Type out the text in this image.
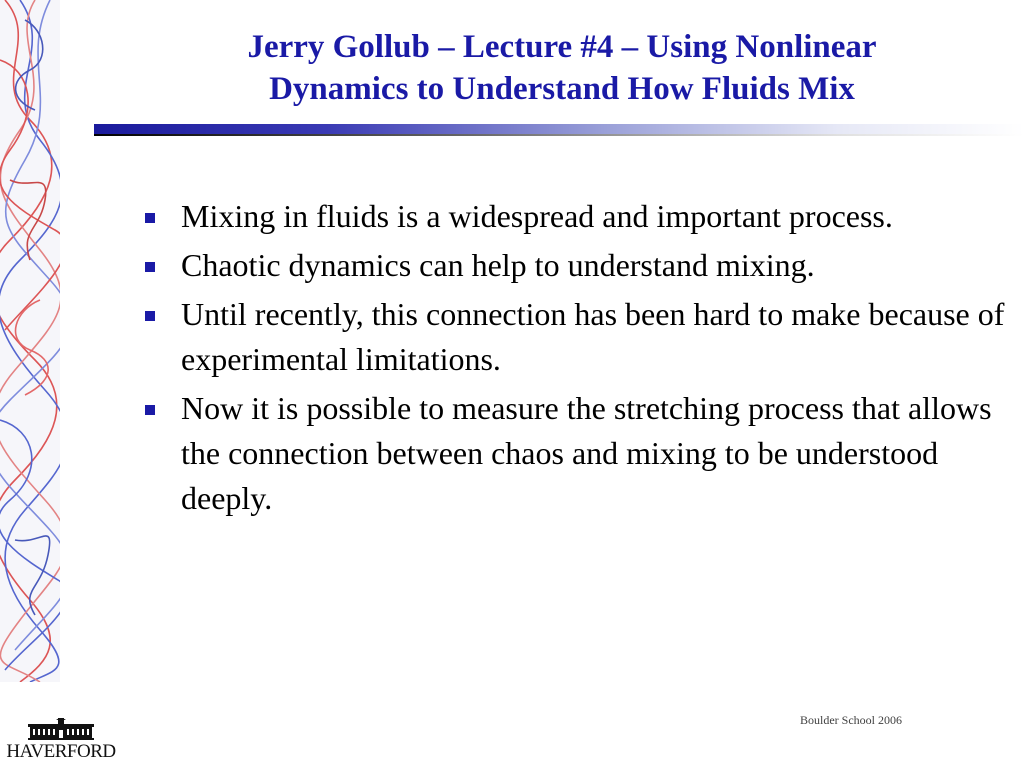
Jerry Gollub – Lecture #4 – Using Nonlinear
Dynamics to Understand How Fluids Mix
Mixing in fluids is a widespread and important process.
Chaotic dynamics can help to understand mixing.
Until recently, this connection has been hard to make because of experimental limitations.
Now it is possible to measure the stretching process that allows the connection between chaos and mixing to be understood deeply.
Boulder School 2006
HAVERFORD
